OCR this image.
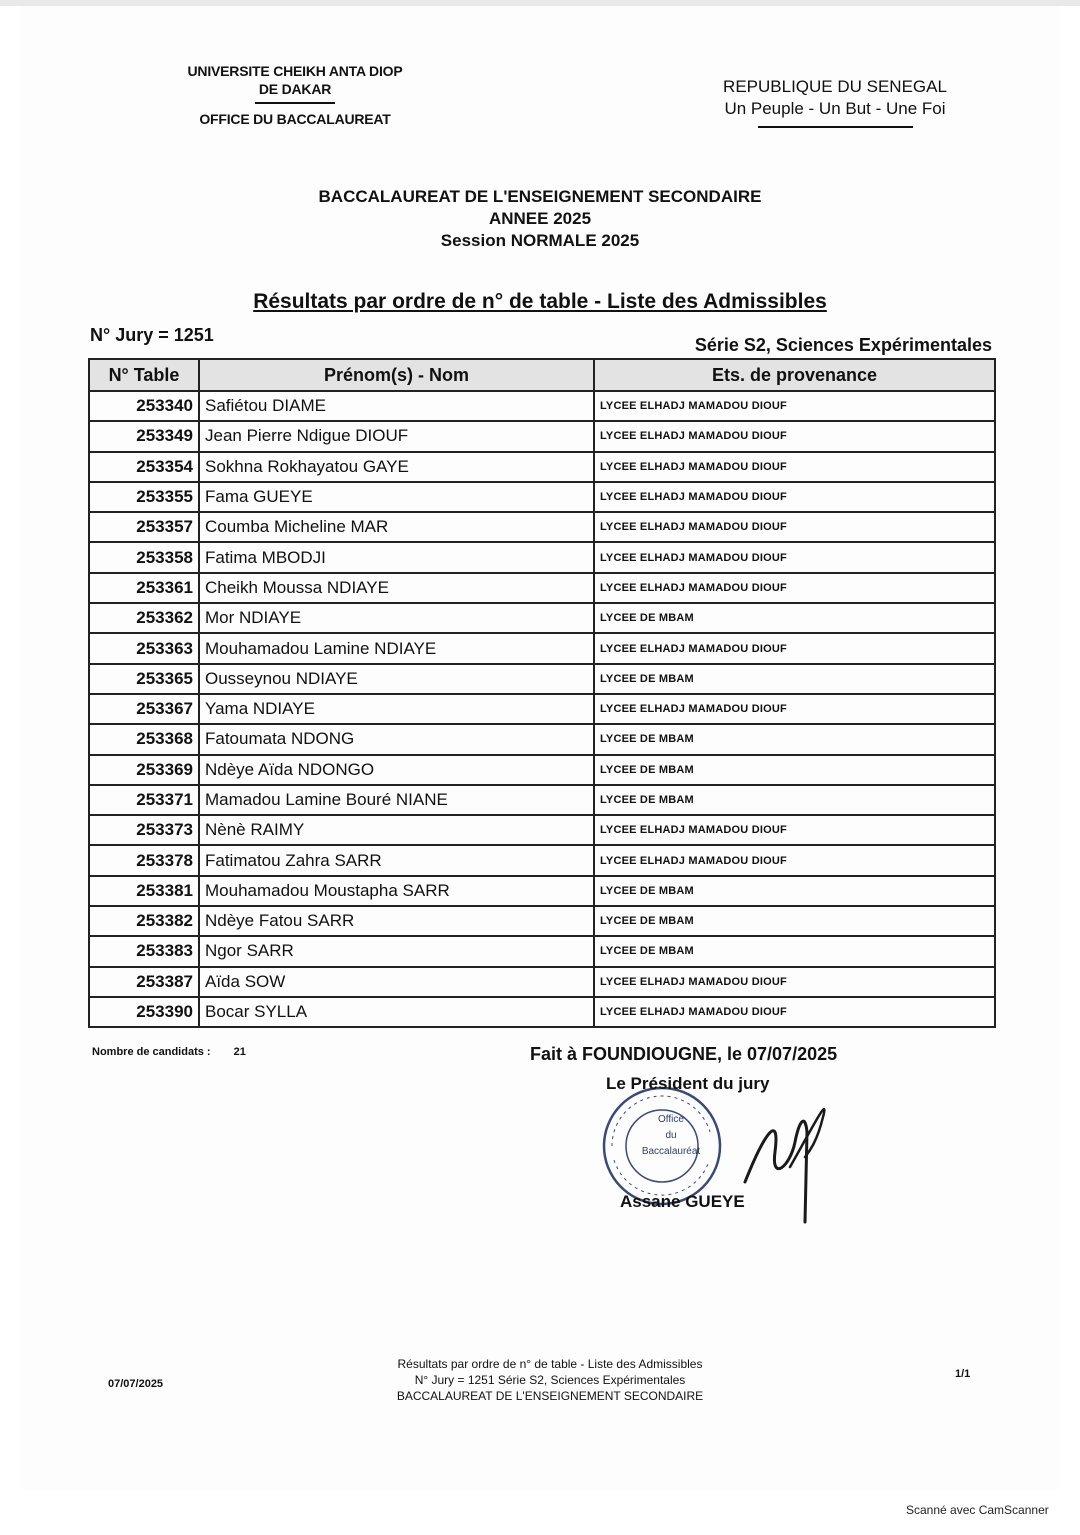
UNIVERSITE CHEIKH ANTA DIOP
DE DAKAR
OFFICE DU BACCALAUREAT
REPUBLIQUE DU SENEGAL
Un Peuple - Un But - Une Foi
BACCALAUREAT DE L'ENSEIGNEMENT SECONDAIRE
ANNEE 2025
Session NORMALE 2025
Résultats par ordre de n° de table - Liste des Admissibles
N° Jury = 1251	Série S2, Sciences Expérimentales
N° Table	Prénom(s) - Nom	Ets. de provenance
253340	Safiétou DIAME	LYCEE ELHADJ MAMADOU DIOUF
253349	Jean Pierre Ndigue DIOUF	LYCEE ELHADJ MAMADOU DIOUF
253354	Sokhna Rokhayatou GAYE	LYCEE ELHADJ MAMADOU DIOUF
253355	Fama GUEYE	LYCEE ELHADJ MAMADOU DIOUF
253357	Coumba Micheline MAR	LYCEE ELHADJ MAMADOU DIOUF
253358	Fatima MBODJI	LYCEE ELHADJ MAMADOU DIOUF
253361	Cheikh Moussa NDIAYE	LYCEE ELHADJ MAMADOU DIOUF
253362	Mor NDIAYE	LYCEE DE MBAM
253363	Mouhamadou Lamine NDIAYE	LYCEE ELHADJ MAMADOU DIOUF
253365	Ousseynou NDIAYE	LYCEE DE MBAM
253367	Yama NDIAYE	LYCEE ELHADJ MAMADOU DIOUF
253368	Fatoumata NDONG	LYCEE DE MBAM
253369	Ndèye Aïda NDONGO	LYCEE DE MBAM
253371	Mamadou Lamine Bouré NIANE	LYCEE DE MBAM
253373	Nènè RAIMY	LYCEE ELHADJ MAMADOU DIOUF
253378	Fatimatou Zahra SARR	LYCEE ELHADJ MAMADOU DIOUF
253381	Mouhamadou Moustapha SARR	LYCEE DE MBAM
253382	Ndèye Fatou SARR	LYCEE DE MBAM
253383	Ngor SARR	LYCEE DE MBAM
253387	Aïda SOW	LYCEE ELHADJ MAMADOU DIOUF
253390	Bocar SYLLA	LYCEE ELHADJ MAMADOU DIOUF
Nombre de candidats : 21	Fait à FOUNDIOUGNE, le 07/07/2025
Office
du
Baccalauréat
Le Président du jury
Assane GUEYE
07/07/2025
Résultats par ordre de n° de table - Liste des Admissibles
N° Jury = 1251 Série S2, Sciences Expérimentales
BACCALAUREAT DE L'ENSEIGNEMENT SECONDAIRE
1/1
Scanné avec CamScanner
